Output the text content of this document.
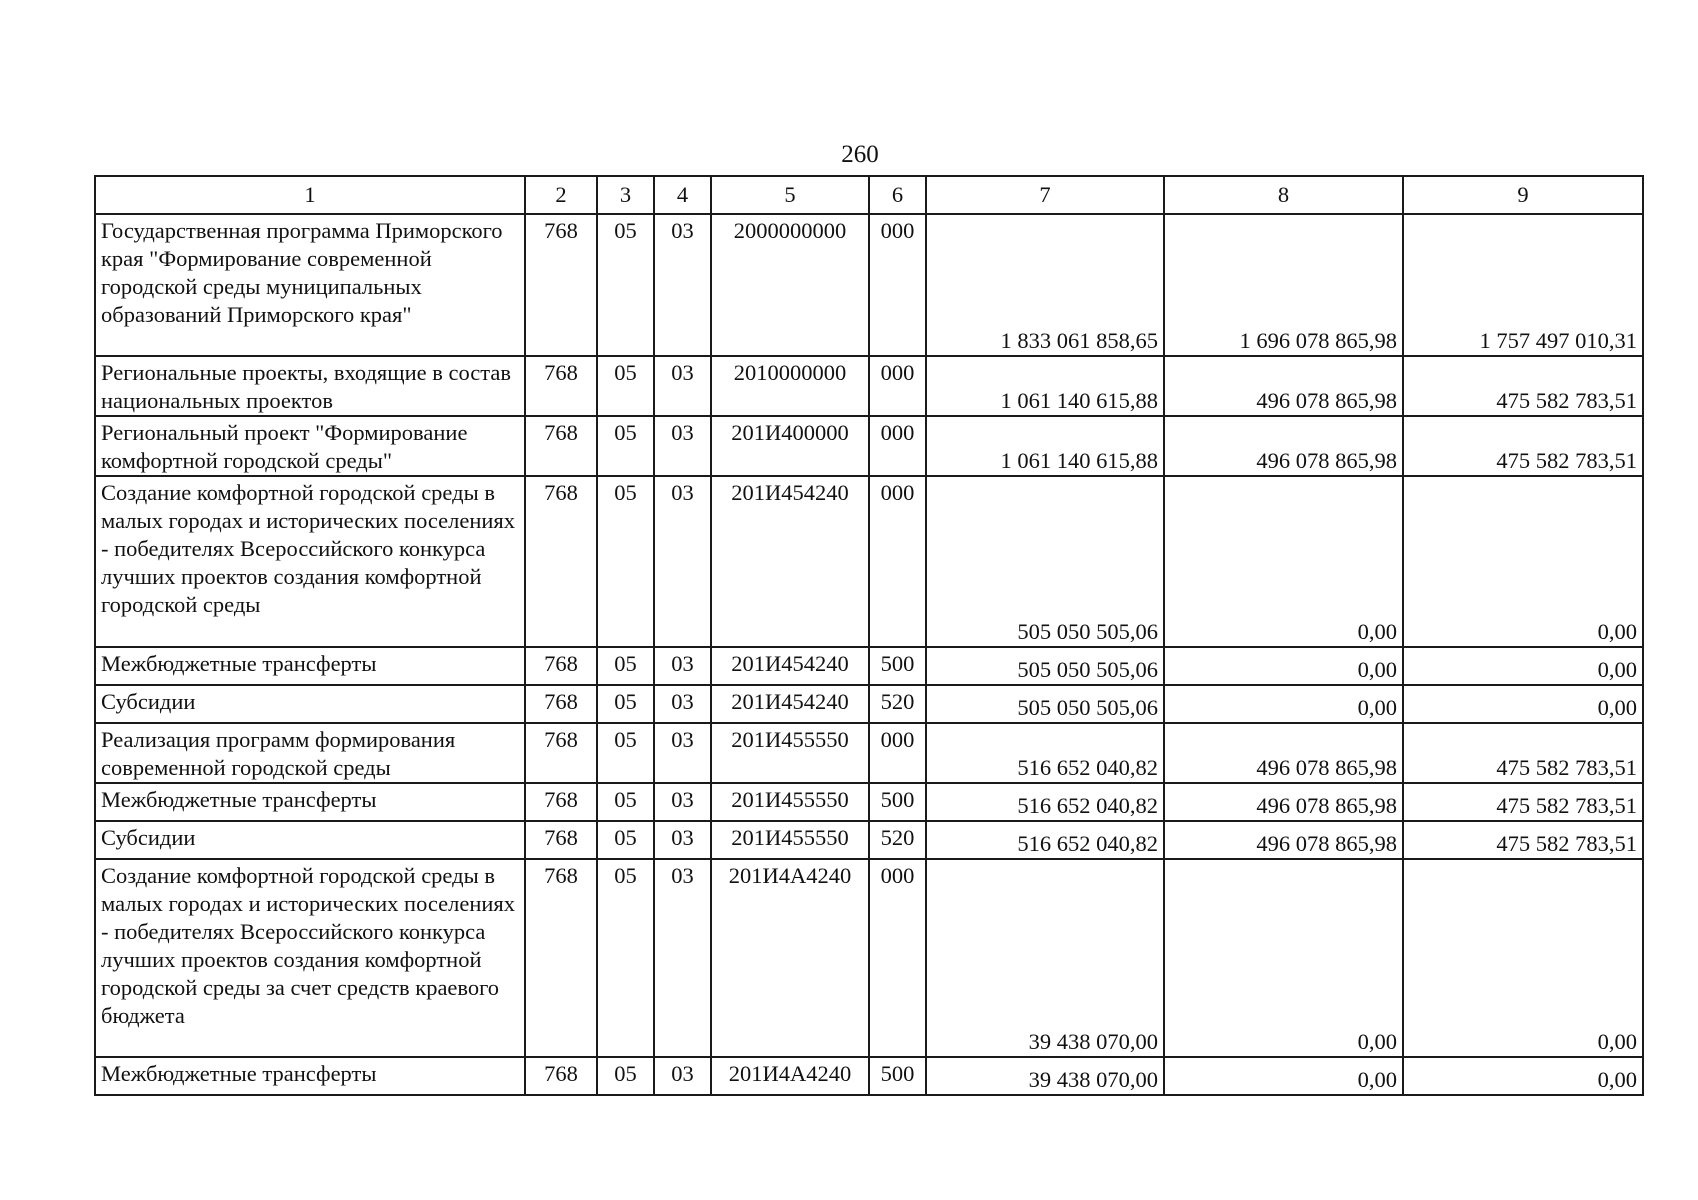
260
1	2	3	4	5	6	7	8	9
Государственная программа Приморского края "Формирование современной городской среды муниципальных образований Приморского края"	768	05	03	2000000000	000	1 833 061 858,65	1 696 078 865,98	1 757 497 010,31
Региональные проекты, входящие в состав национальных проектов	768	05	03	2010000000	000	1 061 140 615,88	496 078 865,98	475 582 783,51
Региональный проект "Формирование комфортной городской среды"	768	05	03	201И400000	000	1 061 140 615,88	496 078 865,98	475 582 783,51
Создание комфортной городской среды в малых городах и исторических поселениях - победителях Всероссийского конкурса лучших проектов создания комфортной городской среды	768	05	03	201И454240	000	505 050 505,06	0,00	0,00
Межбюджетные трансферты	768	05	03	201И454240	500	505 050 505,06	0,00	0,00
Субсидии	768	05	03	201И454240	520	505 050 505,06	0,00	0,00
Реализация программ формирования современной городской среды	768	05	03	201И455550	000	516 652 040,82	496 078 865,98	475 582 783,51
Межбюджетные трансферты	768	05	03	201И455550	500	516 652 040,82	496 078 865,98	475 582 783,51
Субсидии	768	05	03	201И455550	520	516 652 040,82	496 078 865,98	475 582 783,51
Создание комфортной городской среды в малых городах и исторических поселениях - победителях Всероссийского конкурса лучших проектов создания комфортной городской среды за счет средств краевого бюджета	768	05	03	201И4А4240	000	39 438 070,00	0,00	0,00
Межбюджетные трансферты	768	05	03	201И4А4240	500	39 438 070,00	0,00	0,00
